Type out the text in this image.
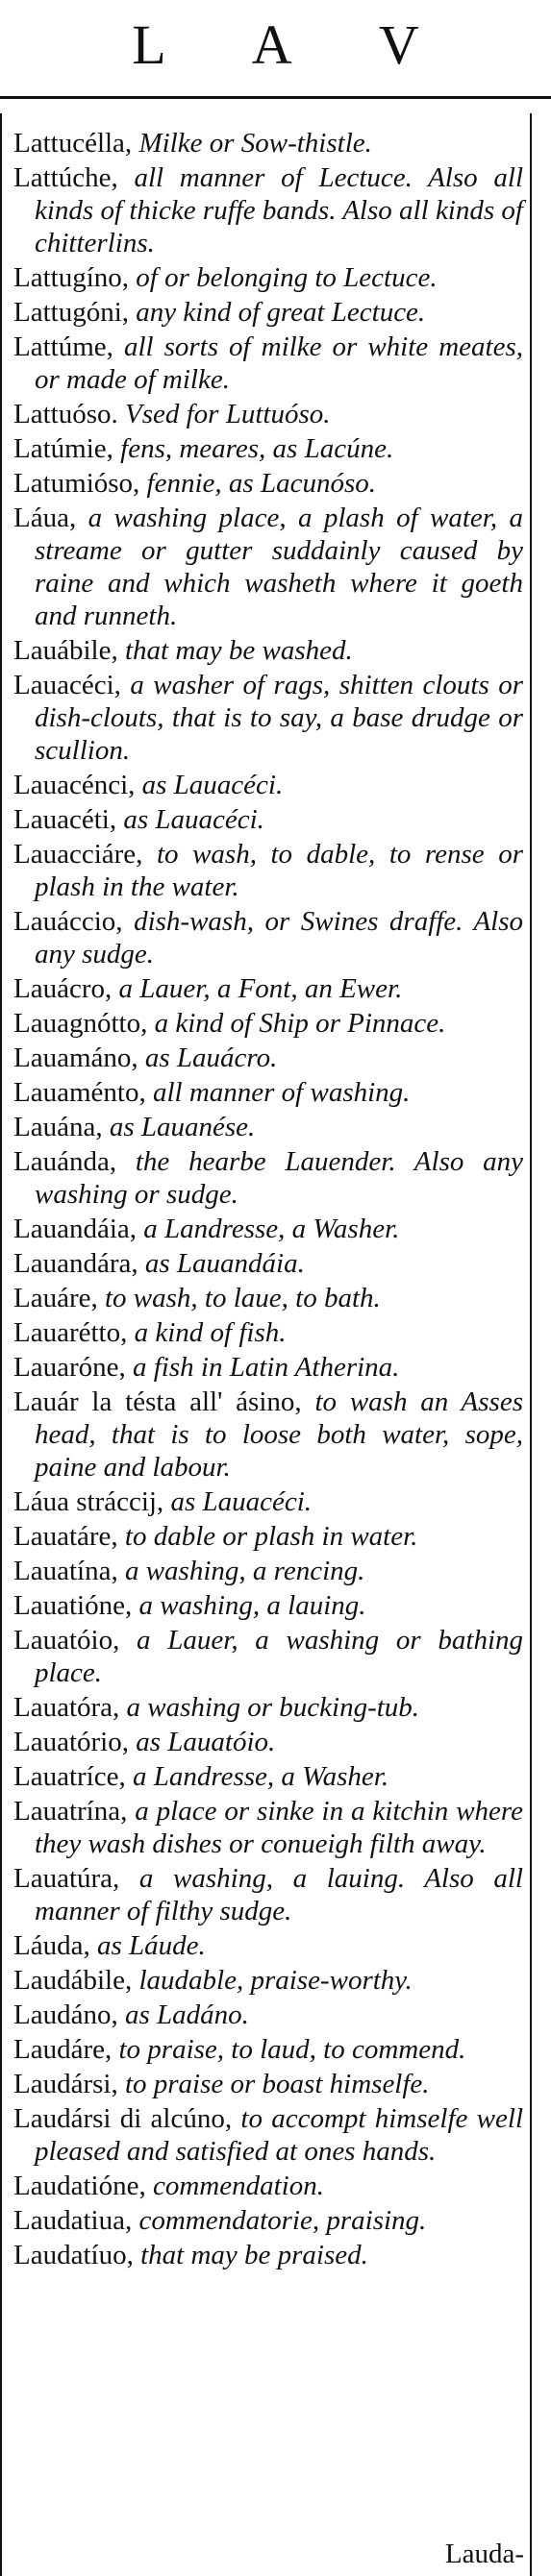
L A V

Lattucélla, Milke or Sow-thistle.

Lattúche, all manner of Lectuce. Also all kinds of thicke ruffe bands. Also all kinds of chitterlins.

Lattugíno, of or belonging to Lectuce.

Lattugóni, any kind of great Lectuce.

Lattúme, all sorts of milke or white meates, or made of milke.

Lattuóso. Vsed for Luttuóso.

Latúmie, fens, meares, as Lacúne.

Latumióso, fennie, as Lacunóso.

Láua, a washing place, a plash of water, a streame or gutter suddainly caused by raine and which washeth where it goeth and runneth.

Lauábile, that may be washed.

Lauacéci, a washer of rags, shitten clouts or dish-clouts, that is to say, a base drudge or scullion.

Lauacénci, as Lauacéci.

Lauacéti, as Lauacéci.

Lauacciáre, to wash, to dable, to rense or plash in the water.

Lauáccio, dish-wash, or Swines draffe. Also any sudge.

Lauácro, a Lauer, a Font, an Ewer.

Lauagnótto, a kind of Ship or Pinnace.

Lauamáno, as Lauácro.

Lauaménto, all manner of washing.

Lauána, as Lauanése.

Lauánda, the hearbe Lauender. Also any washing or sudge.

Lauandáia, a Landresse, a Washer.

Lauandára, as Lauandáia.

Lauáre, to wash, to laue, to bath.

Lauarétto, a kind of fish.

Lauaróne, a fish in Latin Atherina.

Lauár la tésta all' ásino, to wash an Asses head, that is to loose both water, sope, paine and labour.

Láua stráccij, as Lauacéci.

Lauatáre, to dable or plash in water.

Lauatína, a washing, a rencing.

Lauatióne, a washing, a lauing.

Lauatóio, a Lauer, a washing or bathing place.

Lauatóra, a washing or bucking-tub.

Lauatório, as Lauatóio.

Lauatríce, a Landresse, a Washer.

Lauatrína, a place or sinke in a kitchin where they wash dishes or conueigh filth away.

Lauatúra, a washing, a lauing. Also all manner of filthy sudge.

Láuda, as Láude.

Laudábile, laudable, praise-worthy.

Laudáno, as Ladáno.

Laudáre, to praise, to laud, to commend.

Laudársi, to praise or boast himselfe.

Laudársi di alcúno, to accompt himselfe well pleased and satisfied at ones hands.

Laudatióne, commendation.

Laudatiua, commendatorie, praising.

Laudatíuo, that may be praised.

Lauda-
